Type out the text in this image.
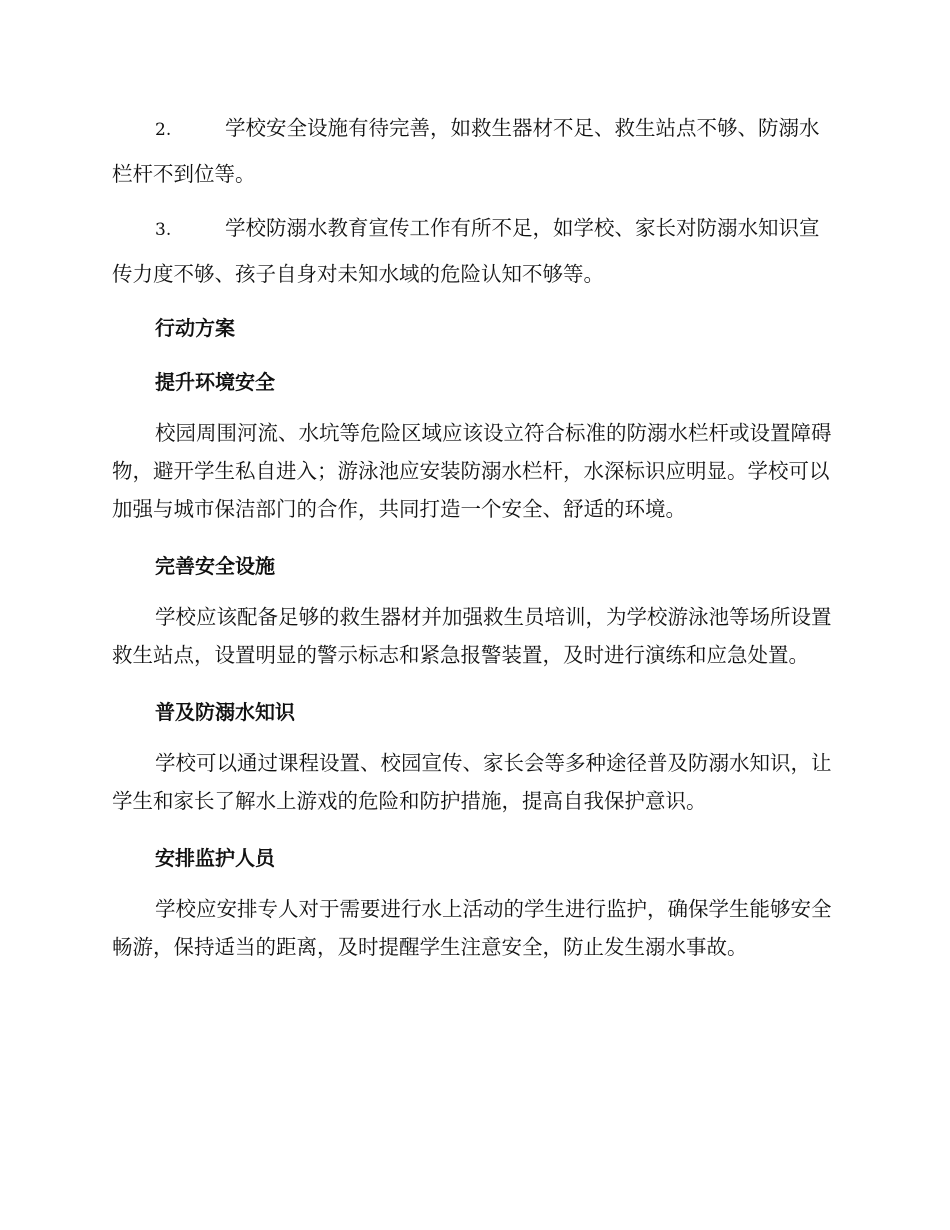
2.	学校安全设施有待完善，如救生器材不足、救生站点不够、防溺水栏杆不到位等。

3.	学校防溺水教育宣传工作有所不足，如学校、家长对防溺水知识宣传力度不够、孩子自身对未知水域的危险认知不够等。

行动方案
提升环境安全

校园周围河流、水坑等危险区域应该设立符合标准的防溺水栏杆或设置障碍物，避开学生私自进入；游泳池应安装防溺水栏杆，水深标识应明显。学校可以加强与城市保洁部门的合作，共同打造一个安全、舒适的环境。

完善安全设施

学校应该配备足够的救生器材并加强救生员培训，为学校游泳池等场所设置救生站点，设置明显的警示标志和紧急报警装置，及时进行演练和应急处置。

普及防溺水知识

学校可以通过课程设置、校园宣传、家长会等多种途径普及防溺水知识，让学生和家长了解水上游戏的危险和防护措施，提高自我保护意识。

安排监护人员

学校应安排专人对于需要进行水上活动的学生进行监护，确保学生能够安全畅游，保持适当的距离，及时提醒学生注意安全，防止发生溺水事故。
